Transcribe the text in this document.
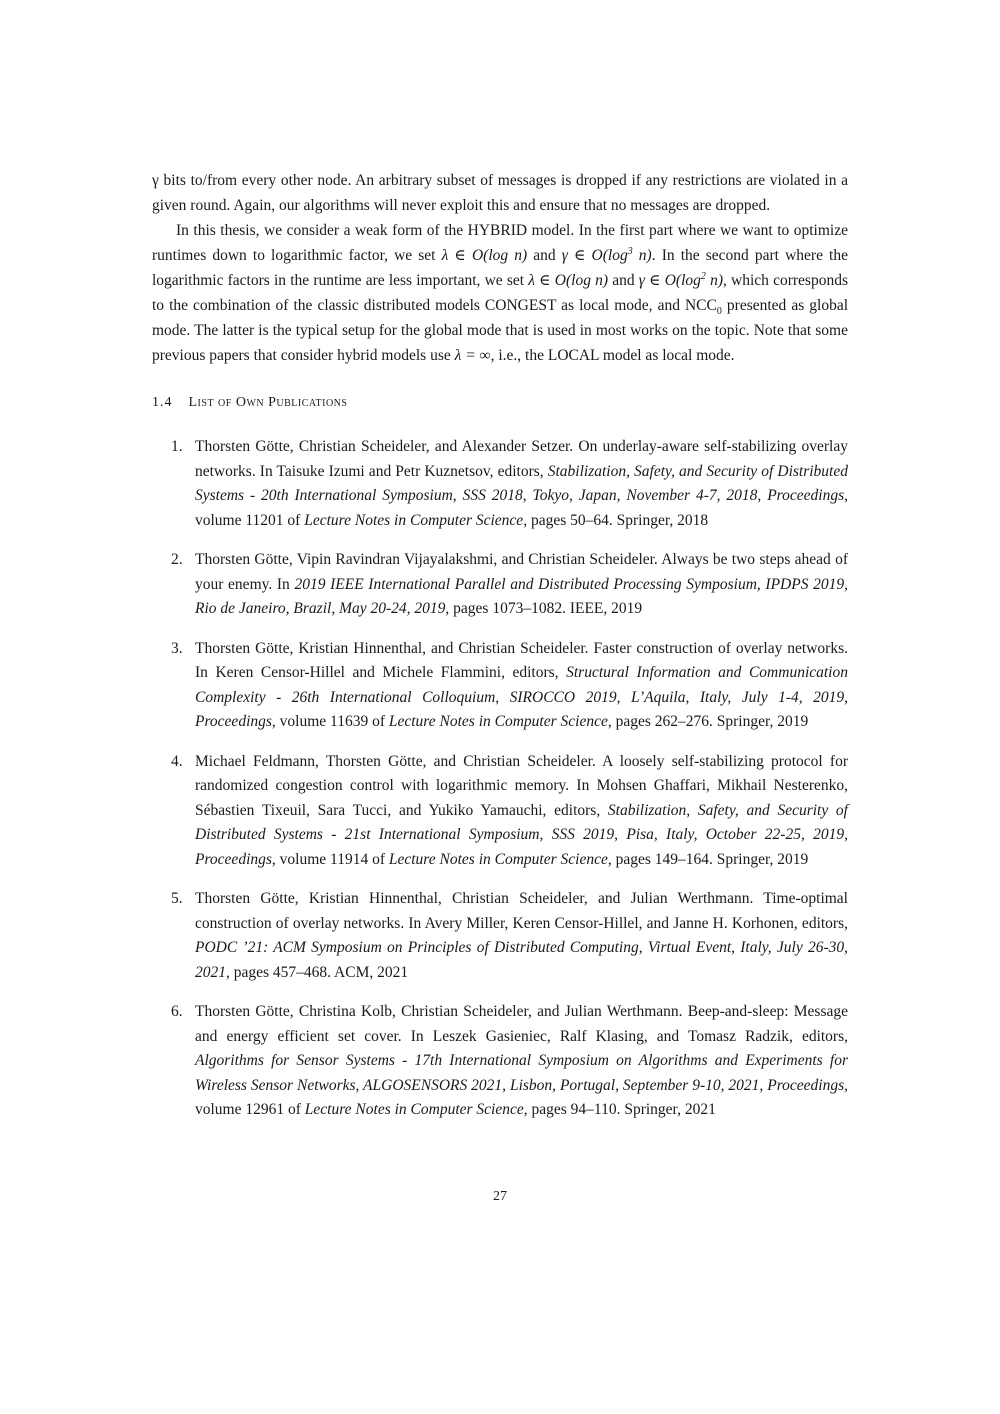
γ bits to/from every other node. An arbitrary subset of messages is dropped if any restrictions are violated in a given round. Again, our algorithms will never exploit this and ensure that no messages are dropped.

In this thesis, we consider a weak form of the HYBRID model. In the first part where we want to optimize runtimes down to logarithmic factor, we set λ ∈ O(log n) and γ ∈ $O(\log^3$ n). In the second part where the logarithmic factors in the runtime are less important, we set λ ∈ O(log n) and γ ∈ $O(\log^2$ n), which corresponds to the combination of the classic distributed models CONGEST as local mode, and $NCC_0$ presented as global mode. The latter is the typical setup for the global mode that is used in most works on the topic. Note that some previous papers that consider hybrid models use λ = ∞, i.e., the LOCAL model as local mode.

1.4 List of Own Publications
1. Thorsten Götte, Christian Scheideler, and Alexander Setzer. On underlay-aware self-stabilizing overlay networks. In Taisuke Izumi and Petr Kuznetsov, editors, Stabilization, Safety, and Security of Distributed Systems - 20th International Symposium, SSS 2018, Tokyo, Japan, November 4-7, 2018, Proceedings, volume 11201 of Lecture Notes in Computer Science, pages 50–64. Springer, 2018
2. Thorsten Götte, Vipin Ravindran Vijayalakshmi, and Christian Scheideler. Always be two steps ahead of your enemy. In 2019 IEEE International Parallel and Distributed Processing Symposium, IPDPS 2019, Rio de Janeiro, Brazil, May 20-24, 2019, pages 1073–1082. IEEE, 2019
3. Thorsten Götte, Kristian Hinnenthal, and Christian Scheideler. Faster construction of overlay networks. In Keren Censor-Hillel and Michele Flammini, editors, Structural Information and Communication Complexity - 26th International Colloquium, SIROCCO 2019, L’Aquila, Italy, July 1-4, 2019, Proceedings, volume 11639 of Lecture Notes in Computer Science, pages 262–276. Springer, 2019
4. Michael Feldmann, Thorsten Götte, and Christian Scheideler. A loosely self-stabilizing protocol for randomized congestion control with logarithmic memory. In Mohsen Ghaffari, Mikhail Nesterenko, Sébastien Tixeuil, Sara Tucci, and Yukiko Yamauchi, editors, Stabilization, Safety, and Security of Distributed Systems - 21st International Symposium, SSS 2019, Pisa, Italy, October 22-25, 2019, Proceedings, volume 11914 of Lecture Notes in Computer Science, pages 149–164. Springer, 2019
5. Thorsten Götte, Kristian Hinnenthal, Christian Scheideler, and Julian Werthmann. Time-optimal construction of overlay networks. In Avery Miller, Keren Censor-Hillel, and Janne H. Korhonen, editors, PODC ’21: ACM Symposium on Principles of Distributed Computing, Virtual Event, Italy, July 26-30, 2021, pages 457–468. ACM, 2021
6. Thorsten Götte, Christina Kolb, Christian Scheideler, and Julian Werthmann. Beep-and-sleep: Message and energy efficient set cover. In Leszek Gasieniec, Ralf Klasing, and Tomasz Radzik, editors, Algorithms for Sensor Systems - 17th International Symposium on Algorithms and Experiments for Wireless Sensor Networks, ALGOSENSORS 2021, Lisbon, Portugal, September 9-10, 2021, Proceedings, volume 12961 of Lecture Notes in Computer Science, pages 94–110. Springer, 2021
27
